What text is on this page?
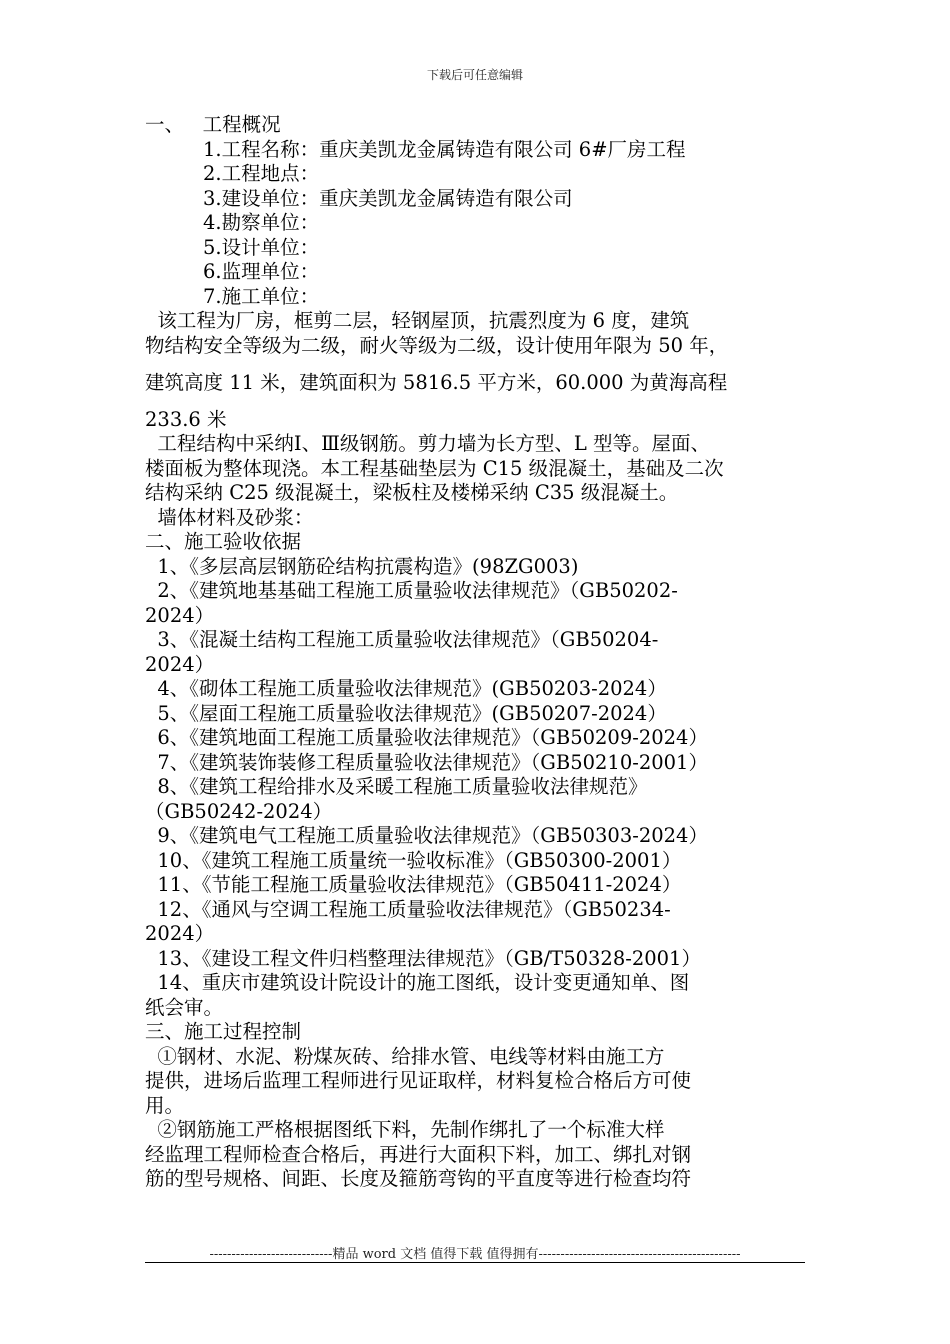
下载后可任意编辑
一、   工程概况
1.工程名称：重庆美凯龙金属铸造有限公司 6#厂房工程
2.工程地点：
3.建设单位：重庆美凯龙金属铸造有限公司
4.勘察单位：
5.设计单位：
6.监理单位：
7.施工单位：
该工程为厂房，框剪二层，轻钢屋顶，抗震烈度为 6 度，建筑
物结构安全等级为二级，耐火等级为二级，设计使用年限为 50 年，
建筑高度 11 米，建筑面积为 5816.5 平方米，60.000 为黄海高程
233.6 米
工程结构中采纳Ⅰ、Ⅲ级钢筋。剪力墙为长方型、L 型等。屋面、
楼面板为整体现浇。本工程基础垫层为 C15 级混凝土，基础及二次
结构采纳 C25 级混凝土，梁板柱及楼梯采纳 C35 级混凝土。
墙体材料及砂浆：
二、施工验收依据
1、《多层高层钢筋砼结构抗震构造》(98ZG003)
2、《建筑地基基础工程施工质量验收法律规范》（GB50202-
2024）
3、《混凝土结构工程施工质量验收法律规范》（GB50204-
2024）
4、《砌体工程施工质量验收法律规范》(GB50203-2024）
5、《屋面工程施工质量验收法律规范》(GB50207-2024）
6、《建筑地面工程施工质量验收法律规范》（GB50209-2024）
7、《建筑装饰装修工程质量验收法律规范》（GB50210-2001）
8、《建筑工程给排水及采暖工程施工质量验收法律规范》
（GB50242-2024）
9、《建筑电气工程施工质量验收法律规范》（GB50303-2024）
10、《建筑工程施工质量统一验收标准》（GB50300-2001）
11、《节能工程施工质量验收法律规范》（GB50411-2024）
12、《通风与空调工程施工质量验收法律规范》（GB50234-
2024）
13、《建设工程文件归档整理法律规范》（GB/T50328-2001）
14、重庆市建筑设计院设计的施工图纸，设计变更通知单、图
纸会审。
三、施工过程控制
①钢材、水泥、粉煤灰砖、给排水管、电线等材料由施工方
提供，进场后监理工程师进行见证取样，材料复检合格后方可使
用。
②钢筋施工严格根据图纸下料，先制作绑扎了一个标准大样
经监理工程师检查合格后，再进行大面积下料，加工、绑扎对钢
筋的型号规格、间距、长度及箍筋弯钩的平直度等进行检查均符
----------------------------精品 word 文档 值得下载 值得拥有----------------------------------------------
